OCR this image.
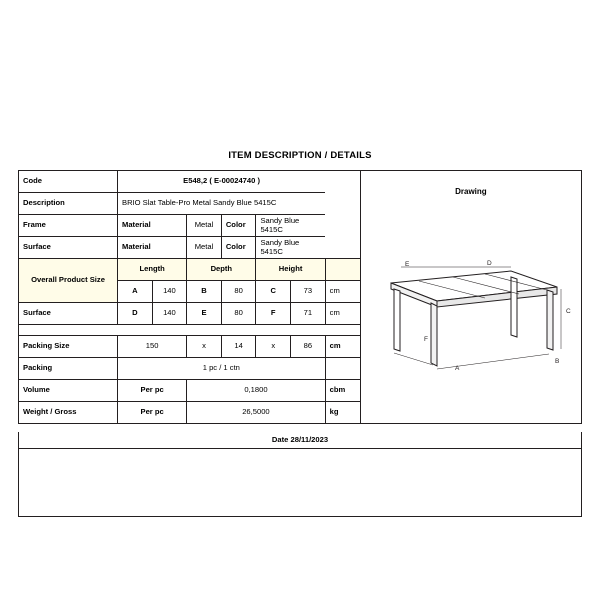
ITEM DESCRIPTION / DETAILS
Code	E548,2 ( E-00024740 )						
Description	BRIO Slat Table-Pro Metal Sandy Blue 5415C						
Frame	Material		Metal	Color	Sandy Blue 5415C		
Surface	Material		Metal	Color	Sandy Blue 5415C		
Overall Product Size	Length		Depth		Height		
	A	140	B	80	C	73	cm
Surface	D	140	E	80	F	71	cm

Packing Size	150		x	14	x	86	cm
Packing	1 pc / 1 ctn						
Volume	Per pc		0,1800				cbm
Weight / Gross	Per pc		26,5000				kg
Drawing
E	D
C
F
A
B
Date 28/11/2023
